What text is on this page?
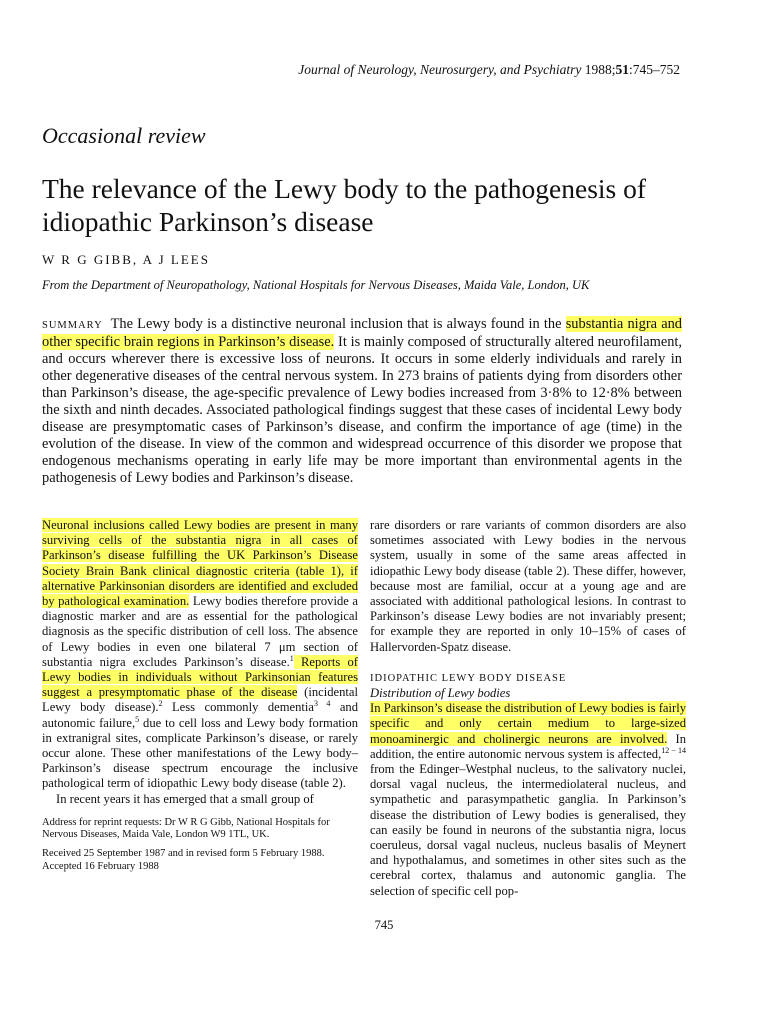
Journal of Neurology, Neurosurgery, and Psychiatry 1988;51:745–752
Occasional review
The relevance of the Lewy body to the pathogenesis of idiopathic Parkinson’s disease
W R G GIBB, A J LEES
From the Department of Neuropathology, National Hospitals for Nervous Diseases, Maida Vale, London, UK
SUMMARY The Lewy body is a distinctive neuronal inclusion that is always found in the substantia nigra and other specific brain regions in Parkinson’s disease. It is mainly composed of structurally altered neurofilament, and occurs wherever there is excessive loss of neurons. It occurs in some elderly individuals and rarely in other degenerative diseases of the central nervous system. In 273 brains of patients dying from disorders other than Parkinson’s disease, the age-specific prevalence of Lewy bodies increased from 3·8% to 12·8% between the sixth and ninth decades. Associated pathological findings suggest that these cases of incidental Lewy body disease are presymptomatic cases of Parkinson’s disease, and confirm the importance of age (time) in the evolution of the disease. In view of the common and widespread occurrence of this disorder we propose that endogenous mechanisms operating in early life may be more important than environmental agents in the pathogenesis of Lewy bodies and Parkinson’s disease.

Neuronal inclusions called Lewy bodies are present in many surviving cells of the substantia nigra in all cases of Parkinson’s disease fulfilling the UK Parkinson’s Disease Society Brain Bank clinical diagnostic criteria (table 1), if alternative Parkinsonian disorders are identified and excluded by pathological examination. Lewy bodies therefore provide a diagnostic marker and are as essential for the pathological diagnosis as the specific distribution of cell loss. The absence of Lewy bodies in even one bilateral 7 μm section of substantia nigra excludes Parkinson’s disease.$^1$ Reports of Lewy bodies in individuals without Parkinsonian features suggest a presymptomatic phase of the disease (incidental Lewy body disease).$^2$ Less commonly dementia$^{3 4}$ and autonomic failure,$^5$ due to cell loss and Lewy body formation in extranigral sites, complicate Parkinson’s disease, or rarely occur alone. These other manifestations of the Lewy body–Parkinson’s disease spectrum encourage the inclusive pathological term of idiopathic Lewy body disease (table 2).

In recent years it has emerged that a small group of

Address for reprint requests: Dr W R G Gibb, National Hospitals for Nervous Diseases, Maida Vale, London W9 1TL, UK.

Received 25 September 1987 and in revised form 5 February 1988. Accepted 16 February 1988

rare disorders or rare variants of common disorders are also sometimes associated with Lewy bodies in the nervous system, usually in some of the same areas affected in idiopathic Lewy body disease (table 2). These differ, however, because most are familial, occur at a young age and are associated with additional pathological lesions. In contrast to Parkinson’s disease Lewy bodies are not invariably present; for example they are reported in only 10–15% of cases of Hallervorden-Spatz disease.

IDIOPATHIC LEWY BODY DISEASE
Distribution of Lewy bodies

In Parkinson’s disease the distribution of Lewy bodies is fairly specific and only certain medium to large-sized monoaminergic and cholinergic neurons are involved. In addition, the entire autonomic nervous system is affected,$^{12 - 14}$ from the Edinger–Westphal nucleus, to the salivatory nuclei, dorsal vagal nucleus, the intermediolateral nucleus, and sympathetic and parasympathetic ganglia. In Parkinson’s disease the distribution of Lewy bodies is generalised, they can easily be found in neurons of the substantia nigra, locus coeruleus, dorsal vagal nucleus, nucleus basalis of Meynert and hypothalamus, and sometimes in other sites such as the cerebral cortex, thalamus and autonomic ganglia. The selection of specific cell pop-

745
